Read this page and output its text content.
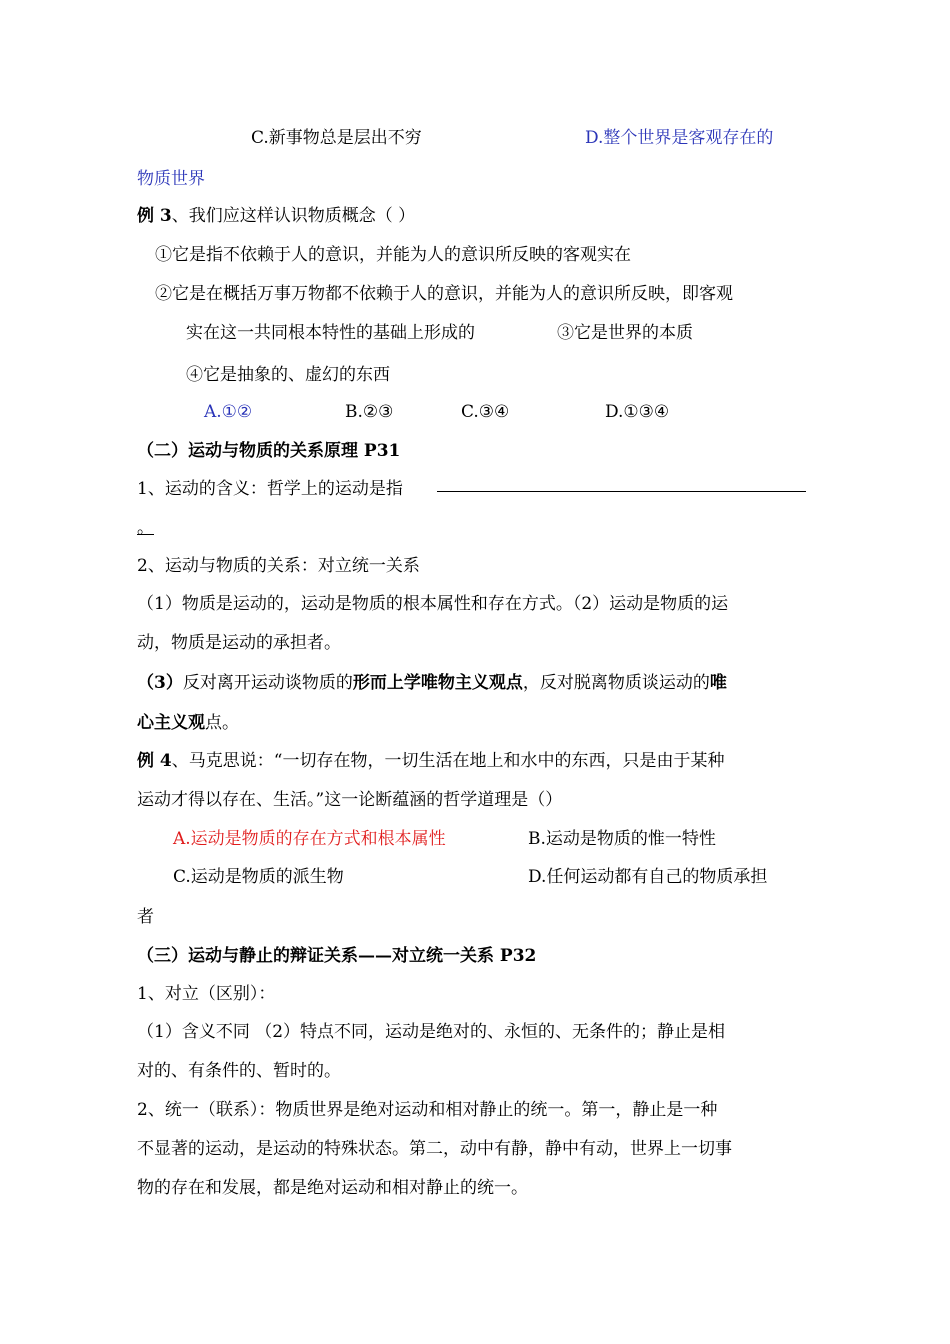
C.新事物总是层出不穷	D.整个世界是客观存在的
物质世界
例 3、我们应这样认识物质概念（ ）
①它是指不依赖于人的意识，并能为人的意识所反映的客观实在
②它是在概括万事万物都不依赖于人的意识，并能为人的意识所反映，即客观
实在这一共同根本特性的基础上形成的	③它是世界的本质
④它是抽象的、虚幻的东西
A.①②	B.②③	C.③④	D.①③④
（二）运动与物质的关系原理 P31
1、运动的含义：哲学上的运动是指
。
2、运动与物质的关系：对立统一关系
（1）物质是运动的，运动是物质的根本属性和存在方式。（2）运动是物质的运
动，物质是运动的承担者。
（3）反对离开运动谈物质的形而上学唯物主义观点，反对脱离物质谈运动的唯
心主义观点。
例 4、马克思说：“一切存在物，一切生活在地上和水中的东西，只是由于某种
运动才得以存在、生活。”这一论断蕴涵的哲学道理是（）
A.运动是物质的存在方式和根本属性	B.运动是物质的惟一特性
C.运动是物质的派生物	D.任何运动都有自己的物质承担
者
（三）运动与静止的辩证关系——对立统一关系 P32
1、对立（区别）：
（1）含义不同 （2）特点不同，运动是绝对的、永恒的、无条件的；静止是相
对的、有条件的、暂时的。
2、统一（联系）：物质世界是绝对运动和相对静止的统一。第一，静止是一种
不显著的运动，是运动的特殊状态。第二，动中有静，静中有动，世界上一切事
物的存在和发展，都是绝对运动和相对静止的统一。
